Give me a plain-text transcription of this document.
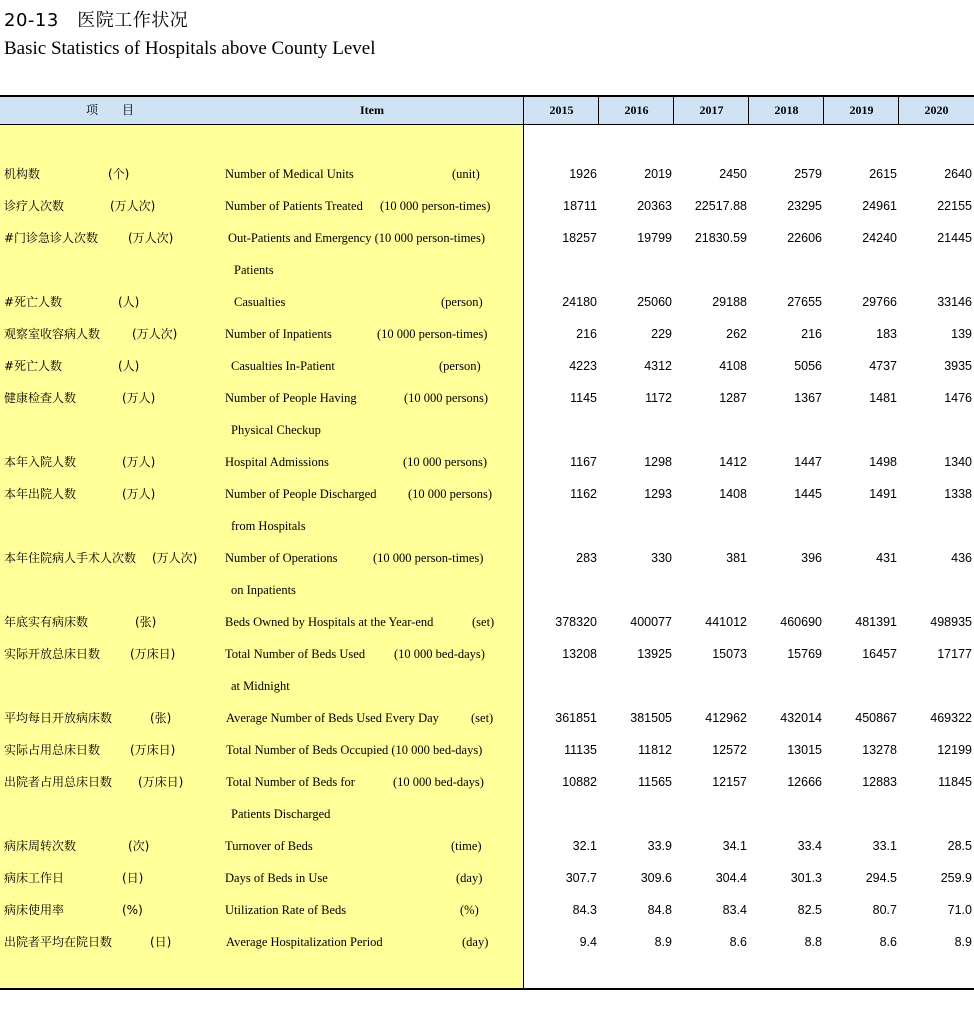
20-13　医院工作状况
Basic Statistics of Hospitals above County Level
项　　目	Item	2015	2016	2017	2018	2019	2020
机构数	(个)	Number of Medical Units	(unit)	1926	2019	2450	2579	2615	2640
诊疗人次数	(万人次)	Number of Patients Treated (10 000 person-times)	18711	20363	22517.88	23295	24961	22155
#门诊急诊人次数 (万人次)	Out-Patients and Emergency (10 000 person-times)	18257	19799	21830.59	22606	24240	21445
Patients
#死亡人数	(人)	Casualties	(person)	24180	25060	29188	27655	29766	33146
观察室收容病人数	(万人次)	Number of Inpatients	(10 000 person-times)	216	229	262	216	183	139
#死亡人数	(人)	Casualties In-Patient	(person)	4223	4312	4108	5056	4737	3935
健康检查人数	(万人)	Number of People Having	(10 000 persons)	1145	1172	1287	1367	1481	1476
Physical Checkup
本年入院人数	(万人)	Hospital Admissions	(10 000 persons)	1167	1298	1412	1447	1498	1340
本年出院人数	(万人)	Number of People Discharged	(10 000 persons)	1162	1293	1408	1445	1491	1338
from Hospitals
本年住院病人手术人次数 (万人次) Number of Operations	(10 000 person-times)	283	330	381	396	431	436
on Inpatients
年底实有病床数	(张)	Beds Owned by Hospitals at the Year-end	(set)	378320	400077	441012	460690	481391	498935
实际开放总床日数 (万床日)	Total Number of Beds Used (10 000 bed-days)	13208	13925	15073	15769	16457	17177
at Midnight
平均每日开放病床数	(张)	Average Number of Beds Used Every Day	(set)	361851	381505	412962	432014	450867	469322
实际占用总床日数 (万床日)	Total Number of Beds Occupied (10 000 bed-days)	11135	11812	12572	13015	13278	12199
出院者占用总床日数 (万床日)	Total Number of Beds for	(10 000 bed-days)	10882	11565	12157	12666	12883	11845
Patients Discharged
病床周转次数	(次)	Turnover of Beds	(time)	32.1	33.9	34.1	33.4	33.1	28.5
病床工作日	(日)	Days of Beds in Use	(day)	307.7	309.6	304.4	301.3	294.5	259.9
病床使用率	(%)	Utilization Rate of Beds	(%)	84.3	84.8	83.4	82.5	80.7	71.0
出院者平均在院日数	(日)	Average Hospitalization Period	(day)	9.4	8.9	8.6	8.8	8.6	8.9
